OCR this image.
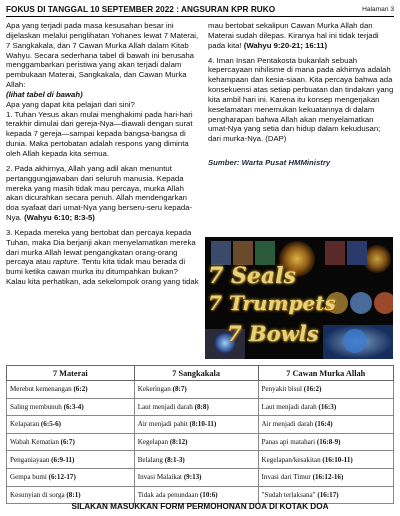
FOKUS DI TANGGAL 10 SEPTEMBER 2022 : ANGSURAN KPR RUKO	Halaman 3

Apa yang terjadi pada masa kesusahan besar ini dijelaskan melalui penglihatan Yohanes lewat 7 Materai, 7 Sangkakala, dan 7 Cawan Murka Allah dalam Kitab Wahyu. Secara sederhana tabel di bawah ini berusaha menggambarkan peristiwa yang akan terjadi dalam pembukaan Materai, Sangkakala, dan Cawan Murka Allah:

(lihat tabel di bawah)

Apa yang dapat kita pelajari dari sini?

1. Tuhan Yesus akan mulai menghakimi pada hari-hari terakhir dimulai dari gereja-Nya—diawali dengan surat kepada 7 gereja—sampai kepada bangsa-bangsa di dunia. Maka pertobatan adalah respons yang diminta oleh Allah kepada kita semua.

2. Pada akhirnya, Allah yang adil akan menuntut pertanggungjawaban dari seluruh manusia. Kepada mereka yang masih tidak mau percaya, murka Allah akan dicurahkan secara penuh. Allah mendengarkan doa syafaat dari umat-Nya yang berseru-seru kepada-Nya. (Wahyu 6:10; 8:3-5)

3. Kepada mereka yang bertobat dan percaya kepada Tuhan, maka Dia berjanji akan menyelamatkan mereka dari murka Allah lewat pengangkatan orang-orang percaya atau rapture. Tentu kita tidak mau berada di bumi ketika cawan murka itu ditumpahkan bukan? Kalau kita perhatikan, ada sekelompok orang yang tidak

mau bertobat sekalipun Cawan Murka Allah dan Materai sudah dilepas. Kiranya hal ini tidak terjadi pada kita! (Wahyu 9:20-21; 16:11)

4. Iman Insan Pentakosta bukanlah sebuah kepercayaan nihilisme di mana pada akhirnya adalah kehampaan dan kesia-siaan. Kita percaya bahwa ada konsekuensi atas setiap perbuatan dan tindakan yang kita ambil hari ini. Karena itu konsep mengerjakan keselamatan menemukan kekuatannya di dalam pengharapan bahwa Allah akan menyelamatkan umat-Nya yang setia dan hidup dalam kekudusan; dari murka-Nya. (DAP)

Sumber: Warta Pusat HMMinistry

7 Seals
7 Trumpets
7 Bowls
7 Materai	7 Sangkakala	7 Cawan Murka Allah
Merebut kemenangan (6:2)	Kekeringan (8:7)	Penyakit bisul (16:2)
Saling membunuh (6:3-4)	Laut menjadi darah (8:8)	Laut menjadi darah (16:3)
Kelaparan (6:5-6)	Air menjadi pahit (8:10-11)	Air menjadi darah (16:4)
Wabah Kematian (6:7)	Kegelapan (8:12)	Panas api matahari (16:8-9)
Penganiayaan (6:9-11)	Belalang (8:1-3)	Kegelapan/kesakitan (16:10-11)
Gempa bumi (6:12-17)	Invasi Malaikat (9:13)	Invasi dari Timur (16:12-16)
Kesunyian di sorga (8:1)	Tidak ada penundaan (10:6)	"Sudah terlaksana" (16:17)
SILAKAN MASUKKAN FORM PERMOHONAN DOA DI KOTAK DOA
